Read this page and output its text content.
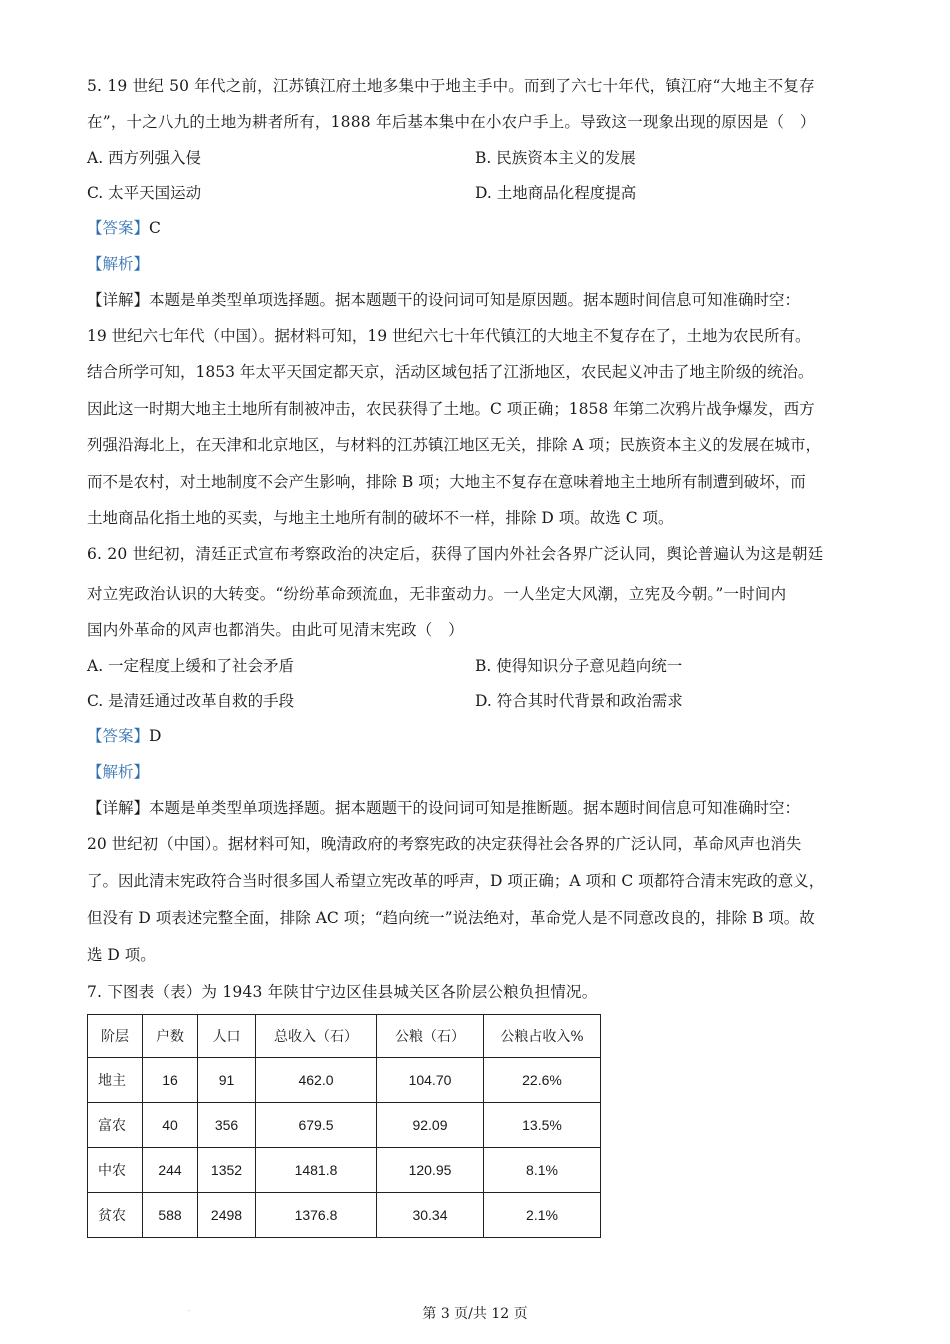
5. 19 世纪 50 年代之前，江苏镇江府土地多集中于地主手中。而到了六七十年代，镇江府“大地主不复存
在”，十之八九的土地为耕者所有，1888 年后基本集中在小农户手上。导致这一现象出现的原因是（　）
A. 西方列强入侵	B. 民族资本主义的发展
C. 太平天国运动	D. 土地商品化程度提高
【答案】C
【解析】
【详解】本题是单类型单项选择题。据本题题干的设问词可知是原因题。据本题时间信息可知准确时空：
19 世纪六七年代（中国）。据材料可知，19 世纪六七十年代镇江的大地主不复存在了，土地为农民所有。
结合所学可知，1853 年太平天国定都天京，活动区域包括了江浙地区，农民起义冲击了地主阶级的统治。
因此这一时期大地主土地所有制被冲击，农民获得了土地。C 项正确；1858 年第二次鸦片战争爆发，西方
列强沿海北上，在天津和北京地区，与材料的江苏镇江地区无关，排除 A 项；民族资本主义的发展在城市，
而不是农村，对土地制度不会产生影响，排除 B 项；大地主不复存在意味着地主土地所有制遭到破坏，而
土地商品化指土地的买卖，与地主土地所有制的破坏不一样，排除 D 项。故选 C 项。
6. 20 世纪初，清廷正式宣布考察政治的决定后，获得了国内外社会各界广泛认同，舆论普遍认为这是朝廷
对立宪政治认识的大转变。“纷纷革命颈流血，无非蛮动力。一人坐定大风潮，立宪及今朝。”一时间内
国内外革命的风声也都消失。由此可见清末宪政（　）
A. 一定程度上缓和了社会矛盾	B. 使得知识分子意见趋向统一
C. 是清廷通过改革自救的手段	D. 符合其时代背景和政治需求
【答案】D
【解析】
【详解】本题是单类型单项选择题。据本题题干的设问词可知是推断题。据本题时间信息可知准确时空：
20 世纪初（中国）。据材料可知，晚清政府的考察宪政的决定获得社会各界的广泛认同，革命风声也消失
了。因此清末宪政符合当时很多国人希望立宪改革的呼声，D 项正确；A 项和 C 项都符合清末宪政的意义，
但没有 D 项表述完整全面，排除 AC 项；“趋向统一”说法绝对，革命党人是不同意改良的，排除 B 项。故
选 D 项。
7. 下图表（表）为 1943 年陕甘宁边区佳县城关区各阶层公粮负担情况。
阶层	户数	人口	总收入（石）	公粮（石）	公粮占收入%
地主	16	91	462.0	104.70	22.6%
富农	40	356	679.5	92.09	13.5%
中农	244	1352	1481.8	120.95	8.1%
贫农	588	2498	1376.8	30.34	2.1%
.	第 3 页/共 12 页
